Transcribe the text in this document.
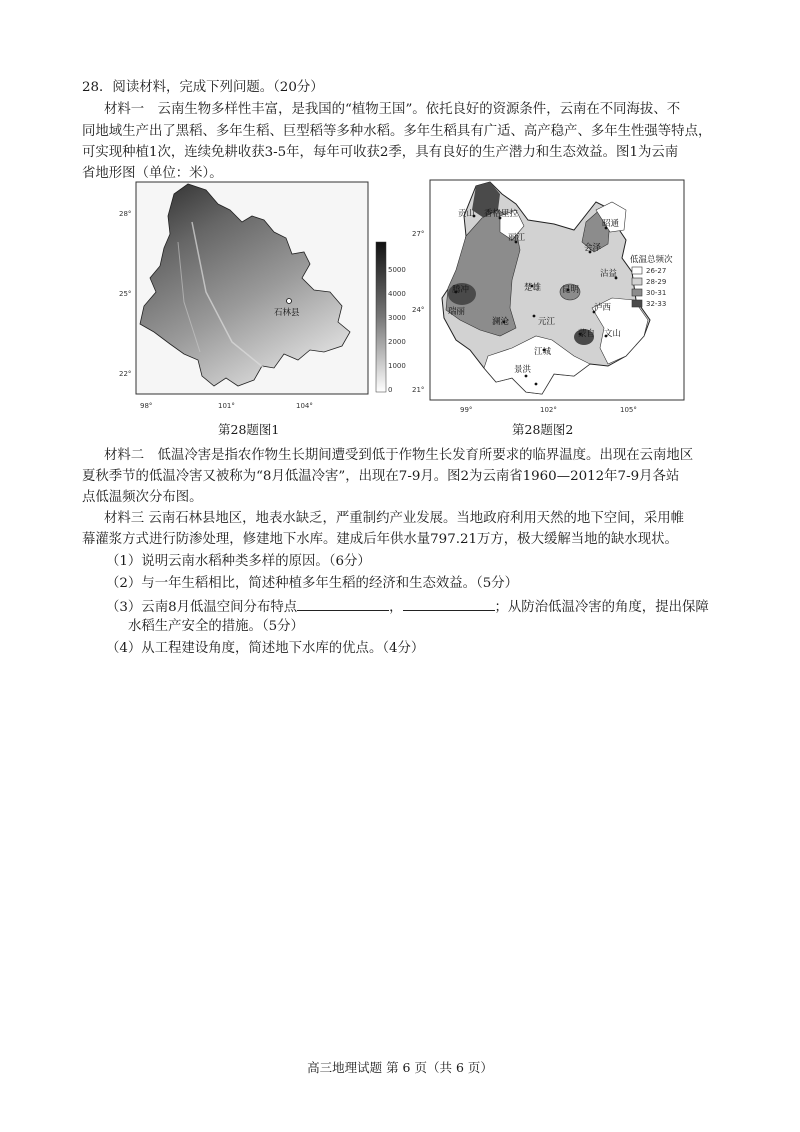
28．阅读材料，完成下列问题。（20分）
材料一　云南生物多样性丰富，是我国的“植物王国”。依托良好的资源条件，云南在不同海拔、不
同地域生产出了黑稻、多年生稻、巨型稻等多种水稻。多年生稻具有广适、高产稳产、多年生性强等特点，
可实现种植1次，连续免耕收获3-5年，每年可收获2季，具有良好的生产潜力和生态效益。图1为云南
省地形图（单位：米）。
石林县
28°
25°
22°
98°	101°	104°
5000
4000
3000
2000
1000
0
第28题图1
贡山 香格里拉
丽江
昭通
会泽
沾益
腾冲
瑞丽
楚雄 昆明
泸西
元江
澜沧
蒙自 文山
江城
景洪
低温总频次
26-27
28-29
30-31
32-33
27°
24°
21°
99°	102°	105°
第28题图2
材料二　低温冷害是指农作物生长期间遭受到低于作物生长发育所要求的临界温度。出现在云南地区
夏秋季节的低温冷害又被称为“8月低温冷害”，出现在7-9月。图2为云南省1960—2012年7-9月各站
点低温频次分布图。
材料三 云南石林县地区，地表水缺乏，严重制约产业发展。当地政府利用天然的地下空间，采用帷
幕灌浆方式进行防渗处理，修建地下水库。建成后年供水量797.21万方，极大缓解当地的缺水现状。
（1）说明云南水稻种类多样的原因。（6分）
（2）与一年生稻相比，简述种植多年生稻的经济和生态效益。（5分）
（3）云南8月低温空间分布特点	，	；从防治低温冷害的角度，提出保障
水稻生产安全的措施。（5分）
（4）从工程建设角度，简述地下水库的优点。（4分）
高三地理试题 第 6 页（共 6 页）
